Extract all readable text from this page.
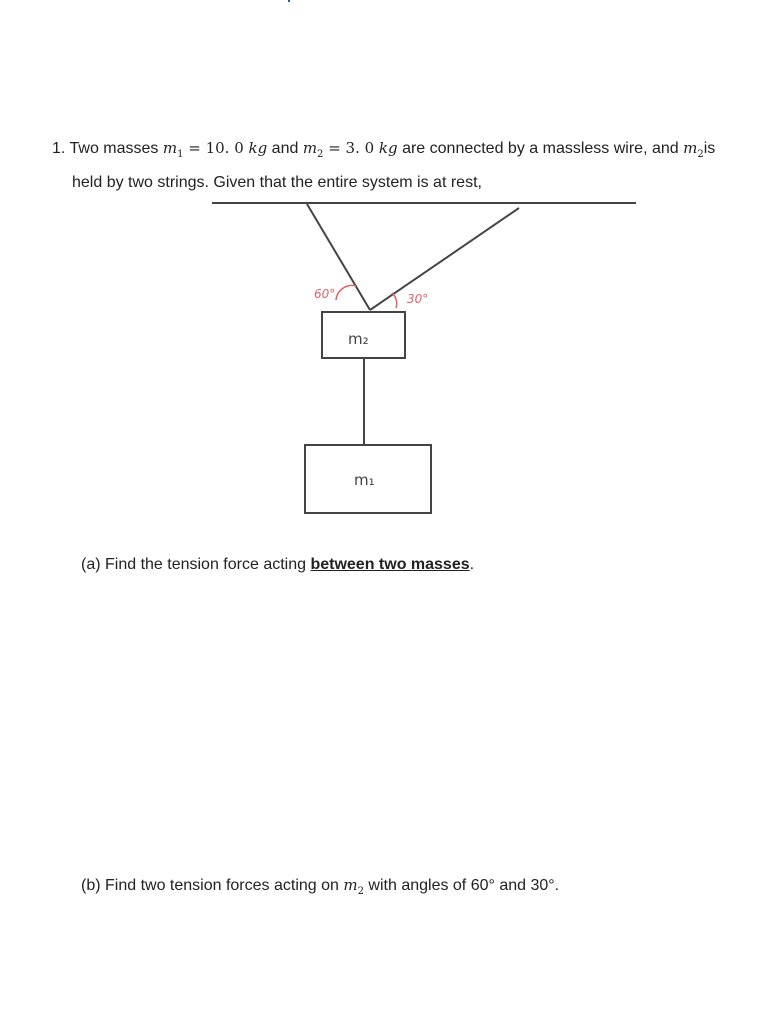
1. Two masses $m_1 = 10$. 0 kg and $m_2 = 3$. 0 kg are connected by a massless wire, and $m_2is$
held by two strings. Given that the entire system is at rest,
60°	30°
m₂
m₁
(a) Find the tension force acting between two masses.
(b) Find two tension forces acting on $m_2$ with angles of 60° and 30°.
